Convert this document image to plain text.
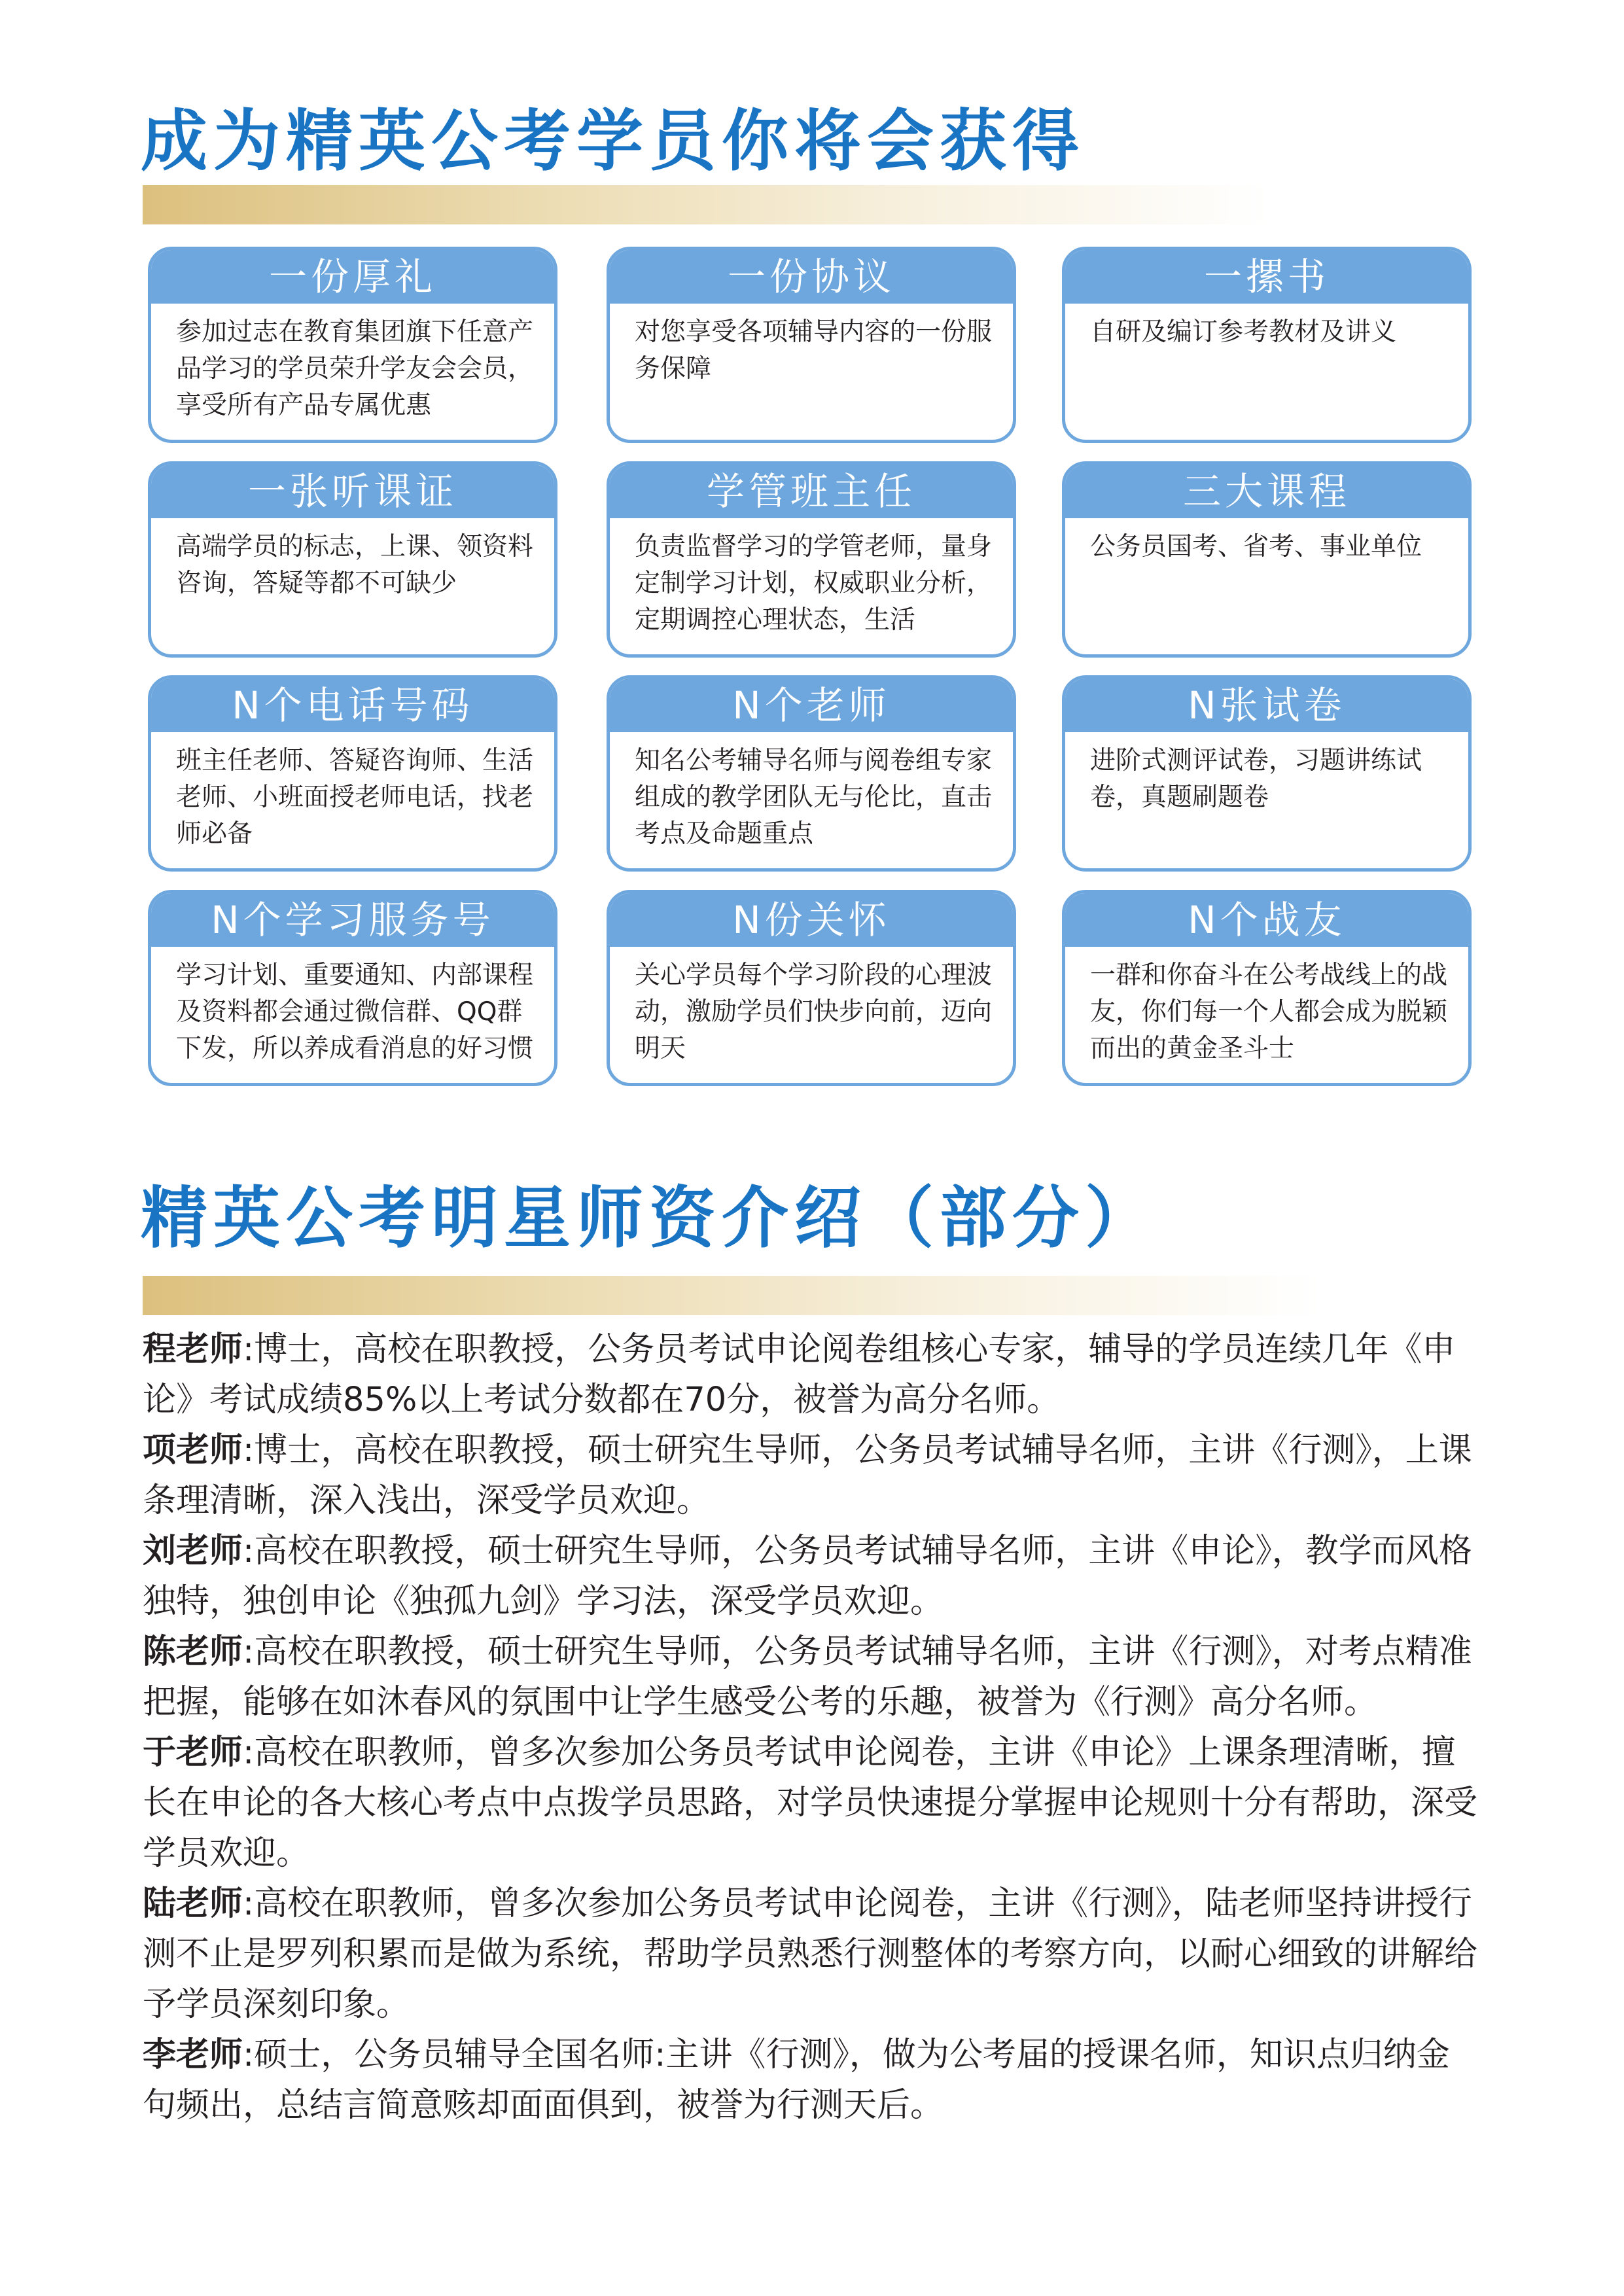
成为精英公考学员你将会获得
一份厚礼
参加过志在教育集团旗下任意产品学习的学员荣升学友会会员，享受所有产品专属优惠
一份协议
对您享受各项辅导内容的一份服务保障
一摞书
自研及编订参考教材及讲义
一张听课证
高端学员的标志，上课、领资料咨询，答疑等都不可缺少
学管班主任
负责监督学习的学管老师，量身定制学习计划，权威职业分析，定期调控心理状态，生活
三大课程
公务员国考、省考、事业单位
N个电话号码
班主任老师、答疑咨询师、生活老师、小班面授老师电话，找老师必备
N个老师
知名公考辅导名师与阅卷组专家组成的教学团队无与伦比，直击考点及命题重点
N张试卷
进阶式测评试卷，习题讲练试卷，真题刷题卷
N个学习服务号
学习计划、重要通知、内部课程及资料都会通过微信群、QQ群下发，所以养成看消息的好习惯
N份关怀
关心学员每个学习阶段的心理波动，激励学员们快步向前，迈向明天
N个战友
一群和你奋斗在公考战线上的战友，你们每一个人都会成为脱颖而出的黄金圣斗士
精英公考明星师资介绍（部分）

程老师:博士，高校在职教授，公务员考试申论阅卷组核心专家，辅导的学员连续几年《申论》考试成绩85%以上考试分数都在70分，被誉为高分名师。

项老师:博士，高校在职教授，硕士研究生导师，公务员考试辅导名师，主讲《行测》，上课条理清晰，深入浅出，深受学员欢迎。

刘老师:高校在职教授，硕士研究生导师，公务员考试辅导名师，主讲《申论》，教学而风格独特，独创申论《独孤九剑》学习法，深受学员欢迎。

陈老师:高校在职教授，硕士研究生导师，公务员考试辅导名师，主讲《行测》，对考点精准把握，能够在如沐春风的氛围中让学生感受公考的乐趣，被誉为《行测》高分名师。

于老师:高校在职教师，曾多次参加公务员考试申论阅卷，主讲《申论》上课条理清晰，擅长在申论的各大核心考点中点拨学员思路，对学员快速提分掌握申论规则十分有帮助，深受学员欢迎。

陆老师:高校在职教师，曾多次参加公务员考试申论阅卷，主讲《行测》，陆老师坚持讲授行测不止是罗列积累而是做为系统，帮助学员熟悉行测整体的考察方向，以耐心细致的讲解给予学员深刻印象。

李老师:硕士，公务员辅导全国名师:主讲《行测》，做为公考届的授课名师，知识点归纳金句频出，总结言简意赅却面面俱到，被誉为行测天后。
